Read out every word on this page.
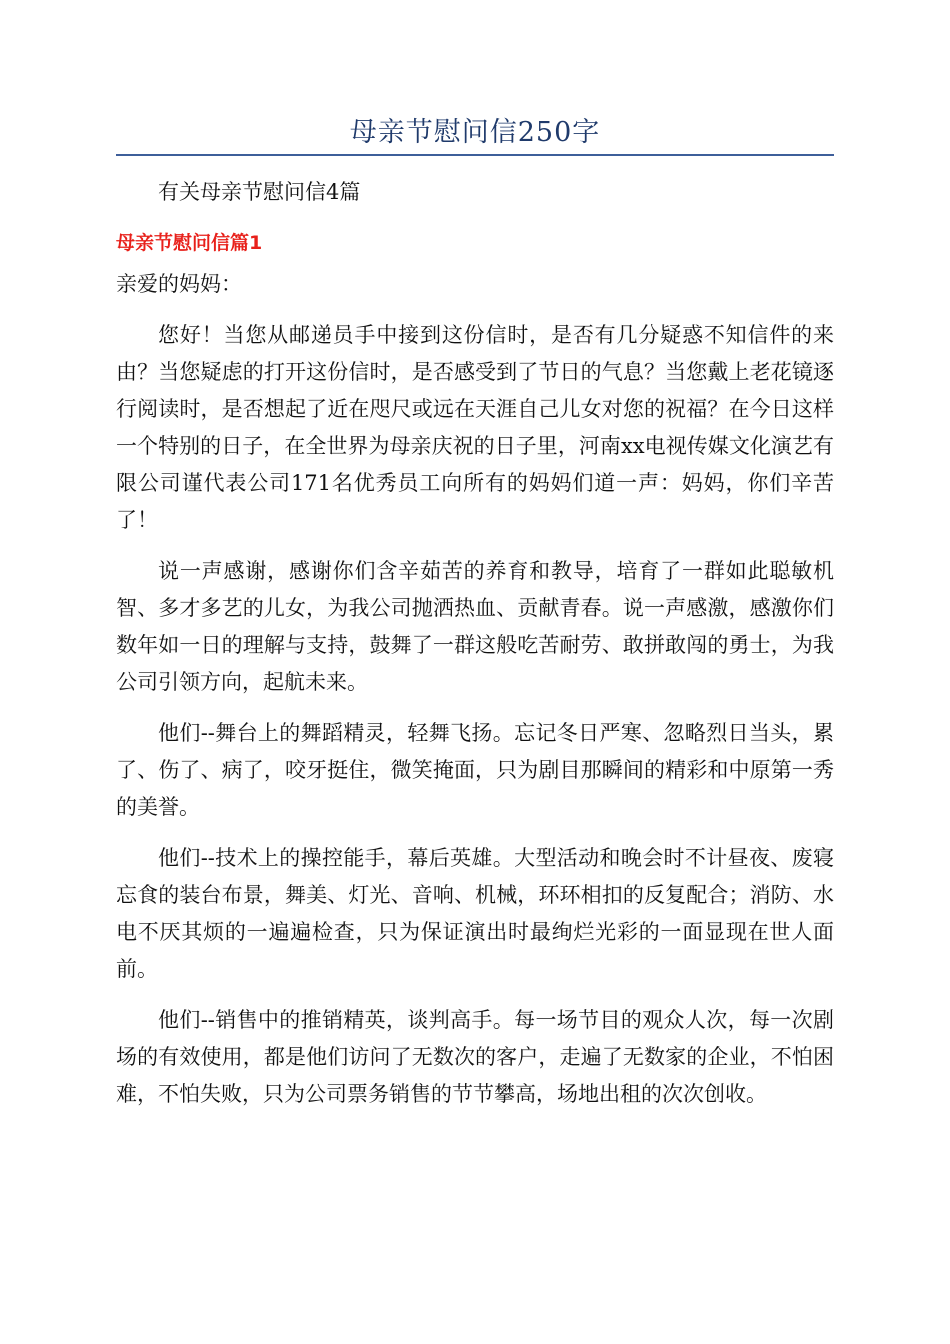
母亲节慰问信250字

有关母亲节慰问信4篇

母亲节慰问信篇1

亲爱的妈妈：

您好！当您从邮递员手中接到这份信时，是否有几分疑惑不知信件的来由？当您疑虑的打开这份信时，是否感受到了节日的气息？当您戴上老花镜逐行阅读时，是否想起了近在咫尺或远在天涯自己儿女对您的祝福？在今日这样一个特别的日子，在全世界为母亲庆祝的日子里，河南xx电视传媒文化演艺有限公司谨代表公司171名优秀员工向所有的妈妈们道一声：妈妈，你们辛苦了！

说一声感谢，感谢你们含辛茹苦的养育和教导，培育了一群如此聪敏机智、多才多艺的儿女，为我公司抛洒热血、贡献青春。说一声感激，感激你们数年如一日的理解与支持，鼓舞了一群这般吃苦耐劳、敢拼敢闯的勇士，为我公司引领方向，起航未来。

他们--舞台上的舞蹈精灵，轻舞飞扬。忘记冬日严寒、忽略烈日当头，累了、伤了、病了，咬牙挺住，微笑掩面，只为剧目那瞬间的精彩和中原第一秀的美誉。

他们--技术上的操控能手，幕后英雄。大型活动和晚会时不计昼夜、废寝忘食的装台布景，舞美、灯光、音响、机械，环环相扣的反复配合；消防、水电不厌其烦的一遍遍检查，只为保证演出时最绚烂光彩的一面显现在世人面前。

他们--销售中的推销精英，谈判高手。每一场节目的观众人次，每一次剧场的有效使用，都是他们访问了无数次的客户，走遍了无数家的企业，不怕困难，不怕失败，只为公司票务销售的节节攀高，场地出租的次次创收。
